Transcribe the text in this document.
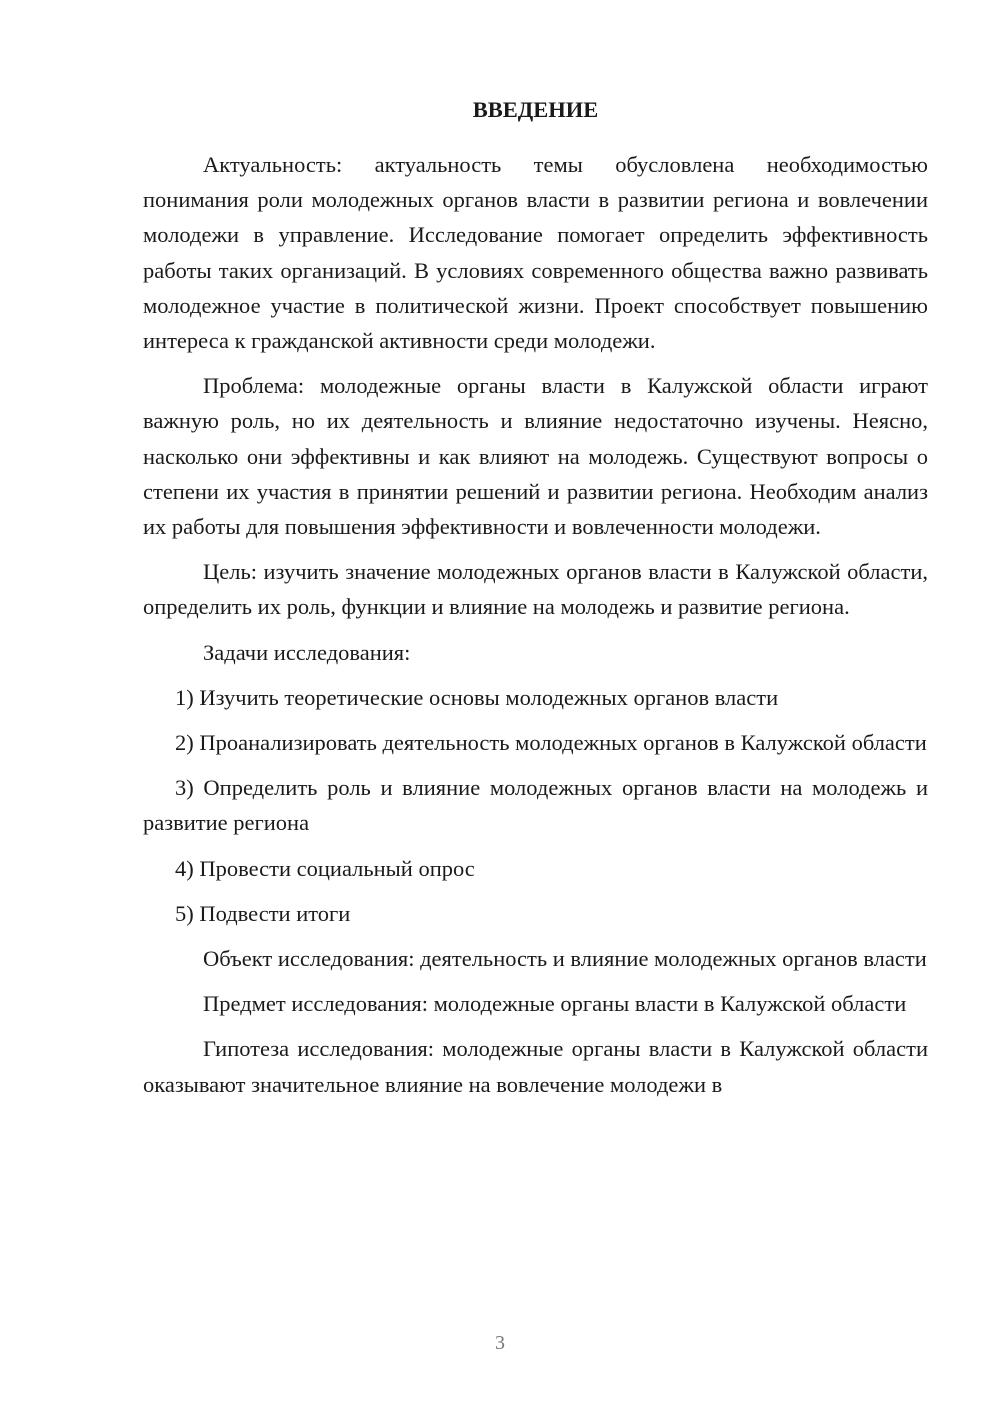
ВВЕДЕНИЕ

Актуальность: актуальность темы обусловлена необходимостью понимания роли молодежных органов власти в развитии региона и вовлечении молодежи в управление. Исследование помогает определить эффективность работы таких организаций. В условиях современного общества важно развивать молодежное участие в политической жизни. Проект способствует повышению интереса к гражданской активности среди молодежи.

Проблема: молодежные органы власти в Калужской области играют важную роль, но их деятельность и влияние недостаточно изучены. Неясно, насколько они эффективны и как влияют на молодежь. Существуют вопросы о степени их участия в принятии решений и развитии региона. Необходим анализ их работы для повышения эффективности и вовлеченности молодежи.

Цель: изучить значение молодежных органов власти в Калужской области, определить их роль, функции и влияние на молодежь и развитие региона.

Задачи исследования:

1) Изучить теоретические основы молодежных органов власти

2) Проанализировать деятельность молодежных органов в Калужской области

3) Определить роль и влияние молодежных органов власти на молодежь и развитие региона

4) Провести социальный опрос

5) Подвести итоги

Объект исследования: деятельность и влияние молодежных органов власти

Предмет исследования: молодежные органы власти в Калужской области

Гипотеза исследования: молодежные органы власти в Калужской области оказывают значительное влияние на вовлечение молодежи в

3
